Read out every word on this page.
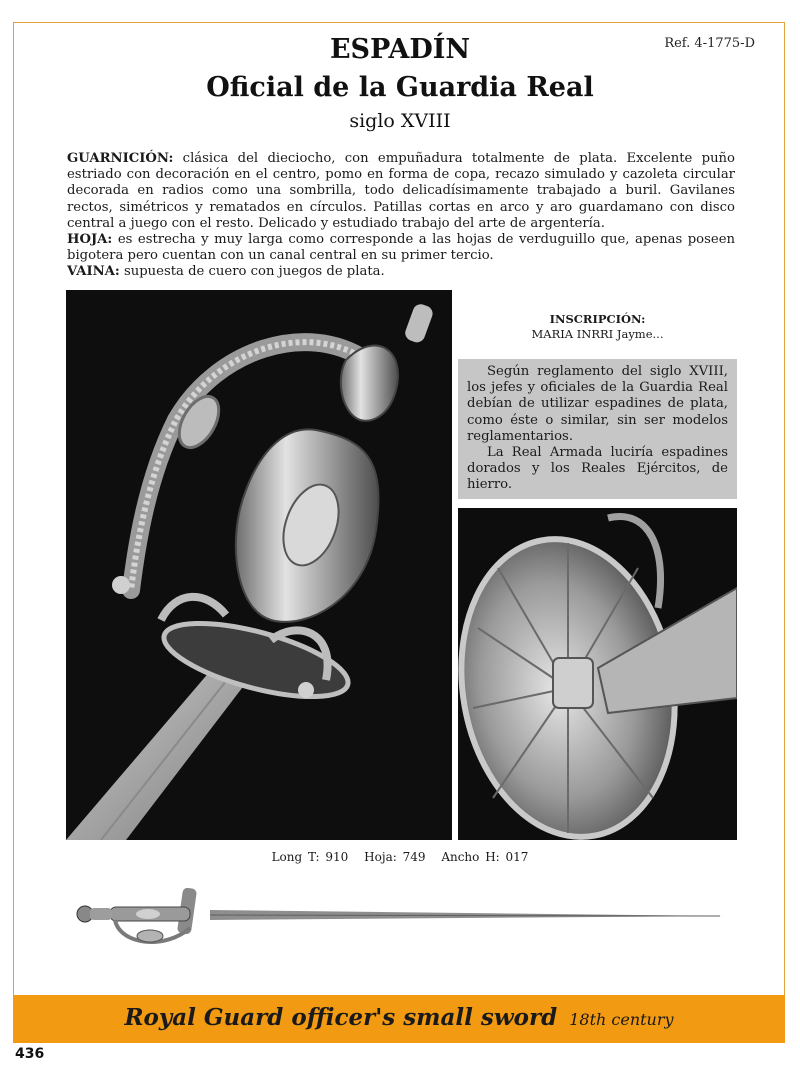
Ref. 4-1775-D
ESPADÍN
Oficial de la Guardia Real
siglo XVIII

GUARNICIÓN: clásica del dieciocho, con empuñadura totalmente de plata. Excelente puño estriado con decoración en el centro, pomo en forma de copa, recazo simulado y cazoleta circular decorada en radios como una sombrilla, todo delicadísimamente trabajado a buril. Gavilanes rectos, simétricos y rematados en círculos. Patillas cortas en arco y aro guardamano con disco central a juego con el resto. Delicado y estudiado trabajo del arte de argentería.

HOJA: es estrecha y muy larga como corresponde a las hojas de verduguillo que, apenas poseen bigotera pero cuentan con un canal central en su primer tercio.

VAINA: supuesta de cuero con juegos de plata.

INSCRIPCIÓN:
MARIA INRRI Jayme...

Según reglamento del siglo XVIII, los jefes y oficiales de la Guardia Real debían de utilizar espadines de plata, como éste o similar, sin ser modelos reglamentarios.

La Real Armada luciría espadines dorados y los Reales Ejércitos, de hierro.

Long T: 910 Hoja: 749 Ancho H: 017
Royal Guard officer's small sword 18th century
436
